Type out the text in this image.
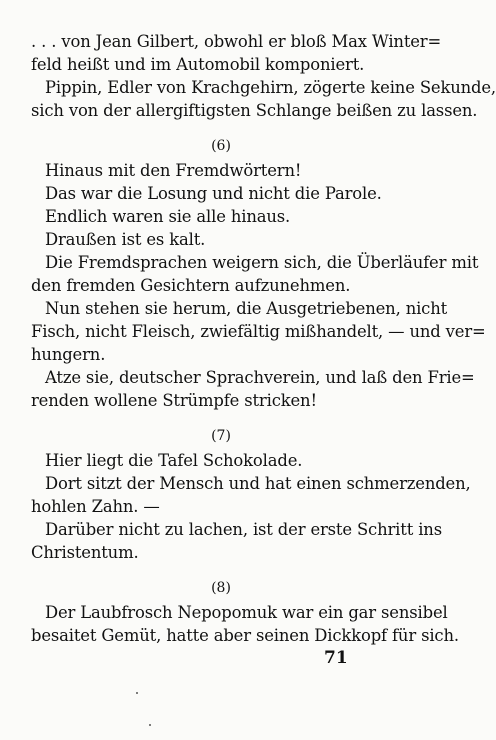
. . . von Jean Gilbert, obwohl er bloß Max Winter=
feld heißt und im Automobil komponiert.
Pippin, Edler von Krachgehirn, zögerte keine Sekunde,
sich von der allergiftigsten Schlange beißen zu lassen.
(6)
Hinaus mit den Fremdwörtern!
Das war die Losung und nicht die Parole.
Endlich waren sie alle hinaus.
Draußen ist es kalt.
Die Fremdsprachen weigern sich, die Überläufer mit
den fremden Gesichtern aufzunehmen.
Nun stehen sie herum, die Ausgetriebenen, nicht
Fisch, nicht Fleisch, zwiefältig mißhandelt, — und ver=
hungern.
Atze sie, deutscher Sprachverein, und laß den Frie=
renden wollene Strümpfe stricken!
(7)
Hier liegt die Tafel Schokolade.
Dort sitzt der Mensch und hat einen schmerzenden,
hohlen Zahn. —
Darüber nicht zu lachen, ist der erste Schritt ins
Christentum.
(8)
Der Laubfrosch Nepopomuk war ein gar sensibel
besaitet Gemüt, hatte aber seinen Dickkopf für sich.
71
